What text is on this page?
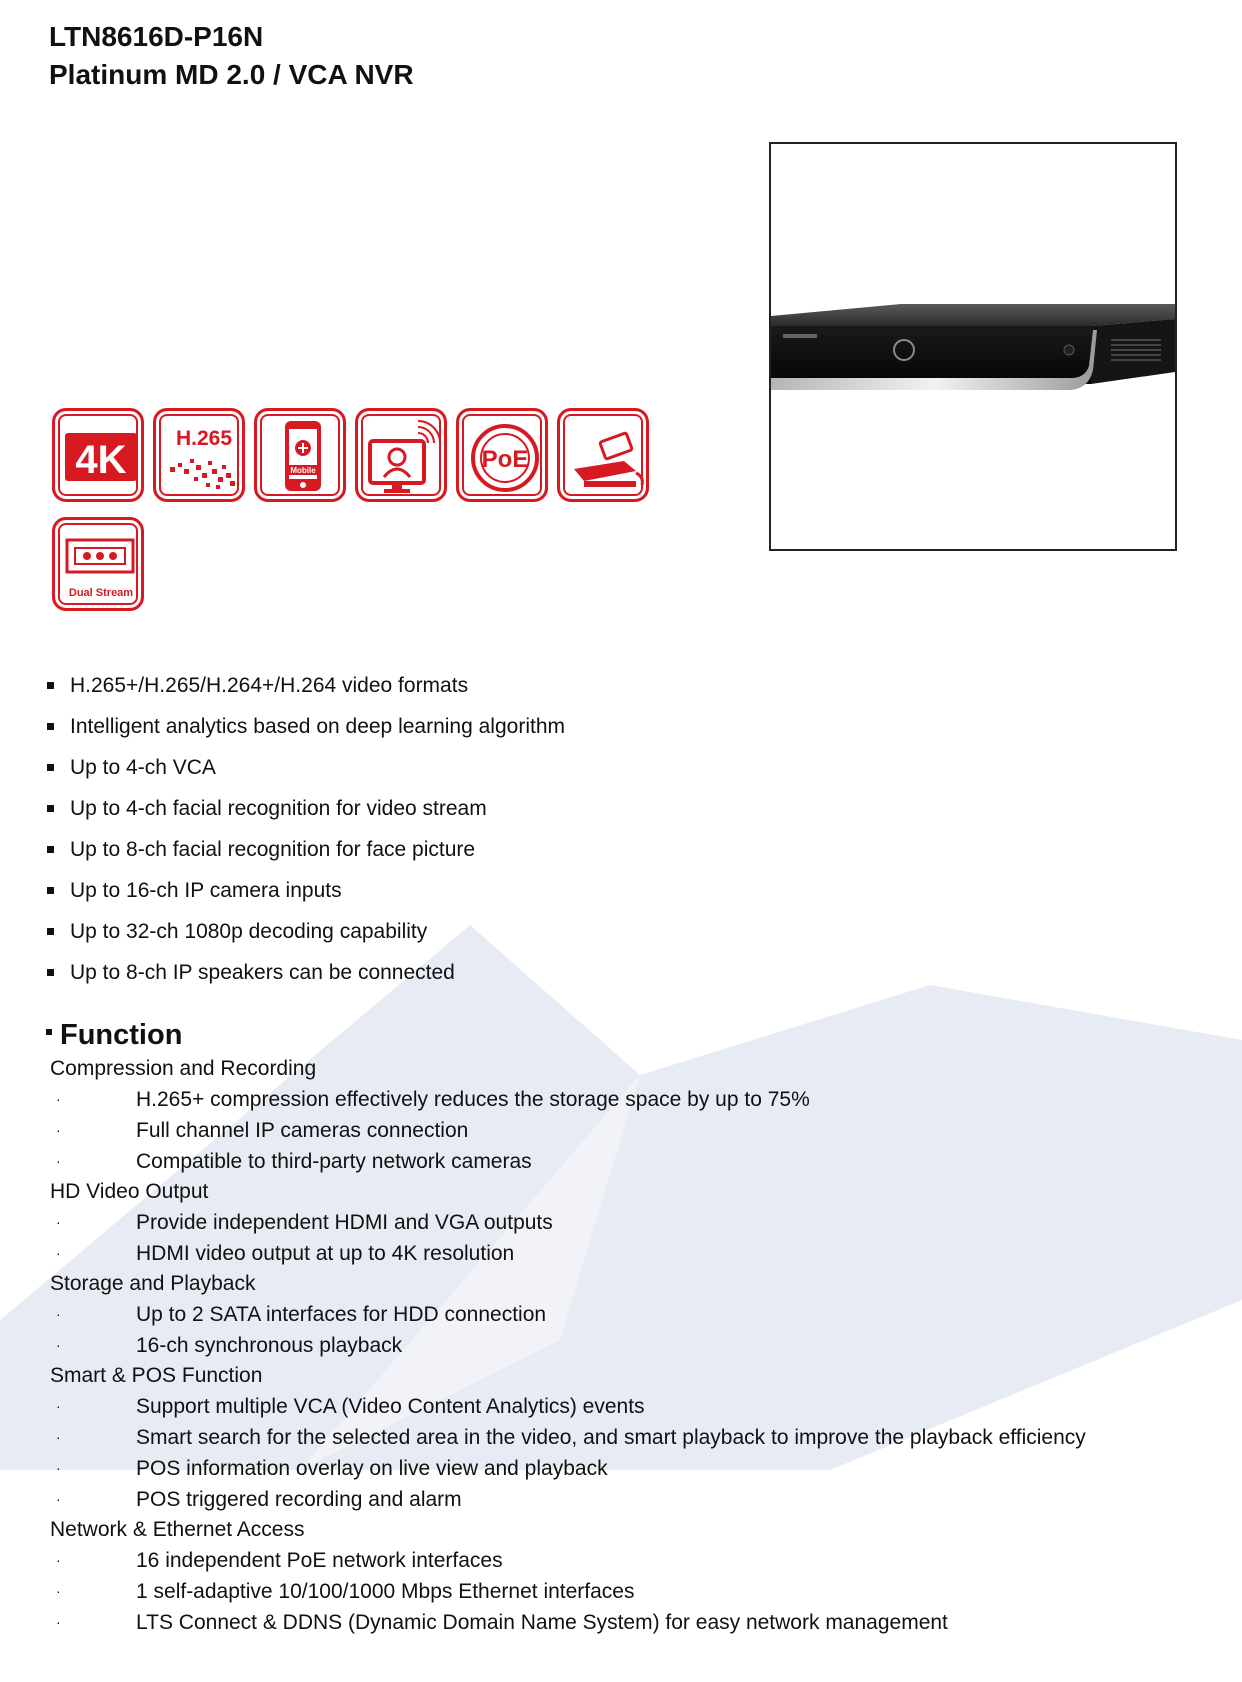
LTN8616D-P16N
Platinum MD 2.0 / VCA NVR
4K H.265
Mobile	PoE
Dual Stream
H.265+/H.265/H.264+/H.264 video formats
Intelligent analytics based on deep learning algorithm
Up to 4-ch VCA
Up to 4-ch facial recognition for video stream
Up to 8-ch facial recognition for face picture
Up to 16-ch IP camera inputs
Up to 32-ch 1080p decoding capability
Up to 8-ch IP speakers can be connected
Function
Compression and Recording
·	H.265+ compression effectively reduces the storage space by up to 75%
·	Full channel IP cameras connection
·	Compatible to third-party network cameras
HD Video Output
·	Provide independent HDMI and VGA outputs
·	HDMI video output at up to 4K resolution
Storage and Playback
·	Up to 2 SATA interfaces for HDD connection
·	16-ch synchronous playback
Smart & POS Function
·	Support multiple VCA (Video Content Analytics) events
·	Smart search for the selected area in the video, and smart playback to improve the playback efficiency
·	POS information overlay on live view and playback
·	POS triggered recording and alarm
Network & Ethernet Access
·	16 independent PoE network interfaces
·	1 self-adaptive 10/100/1000 Mbps Ethernet interfaces
·	LTS Connect & DDNS (Dynamic Domain Name System) for easy network management
